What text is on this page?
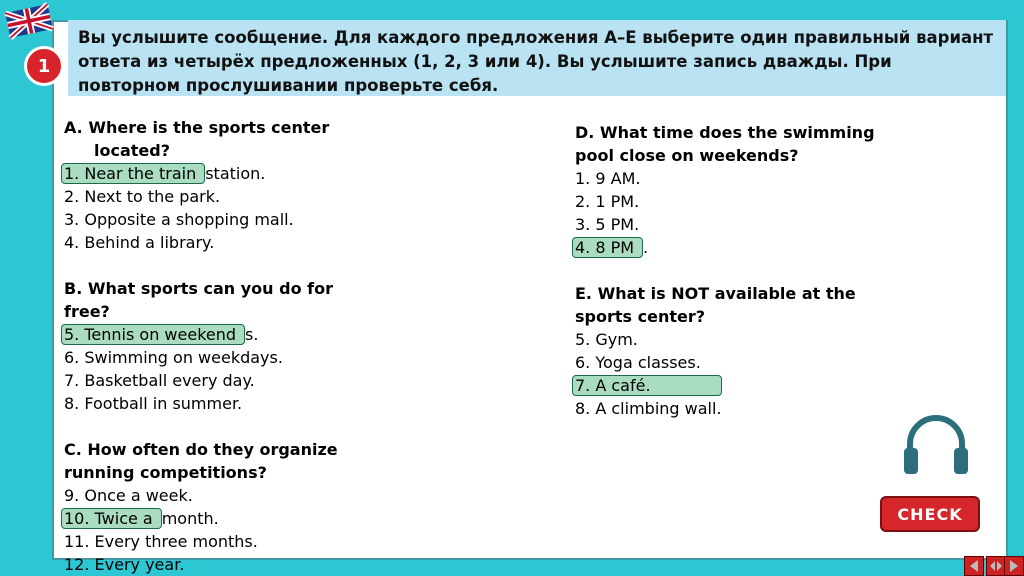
Вы услышите сообщение. Для каждого предложения А–Е выберите один правильный вариант ответа из четырёх предложенных (1, 2, 3 или 4). Вы услышите запись дважды. При повторном прослушивании проверьте себя.
1
A. Where is the sports center
located?
1. Near the trainstation.
2. Next to the park.
3. Opposite a shopping mall.
4. Behind a library.
B. What sports can you do for
free?
5. Tennis on weekend s.
6. Swimming on weekdays.
7. Basketball every day.
8. Football in summer.
C. How often do they organize
running competitions?
9. Once a week.
10. Twice amonth.
11. Every three months.
12. Every year.
D. What time does the swimming
pool close on weekends?
1. 9 AM.
2. 1 PM.
3. 5 PM.
4. 8 PM .
E. What is NOT available at the
sports center?
5. Gym.
6. Yoga classes.
7. A café.
8. A climbing wall.
CHECK
